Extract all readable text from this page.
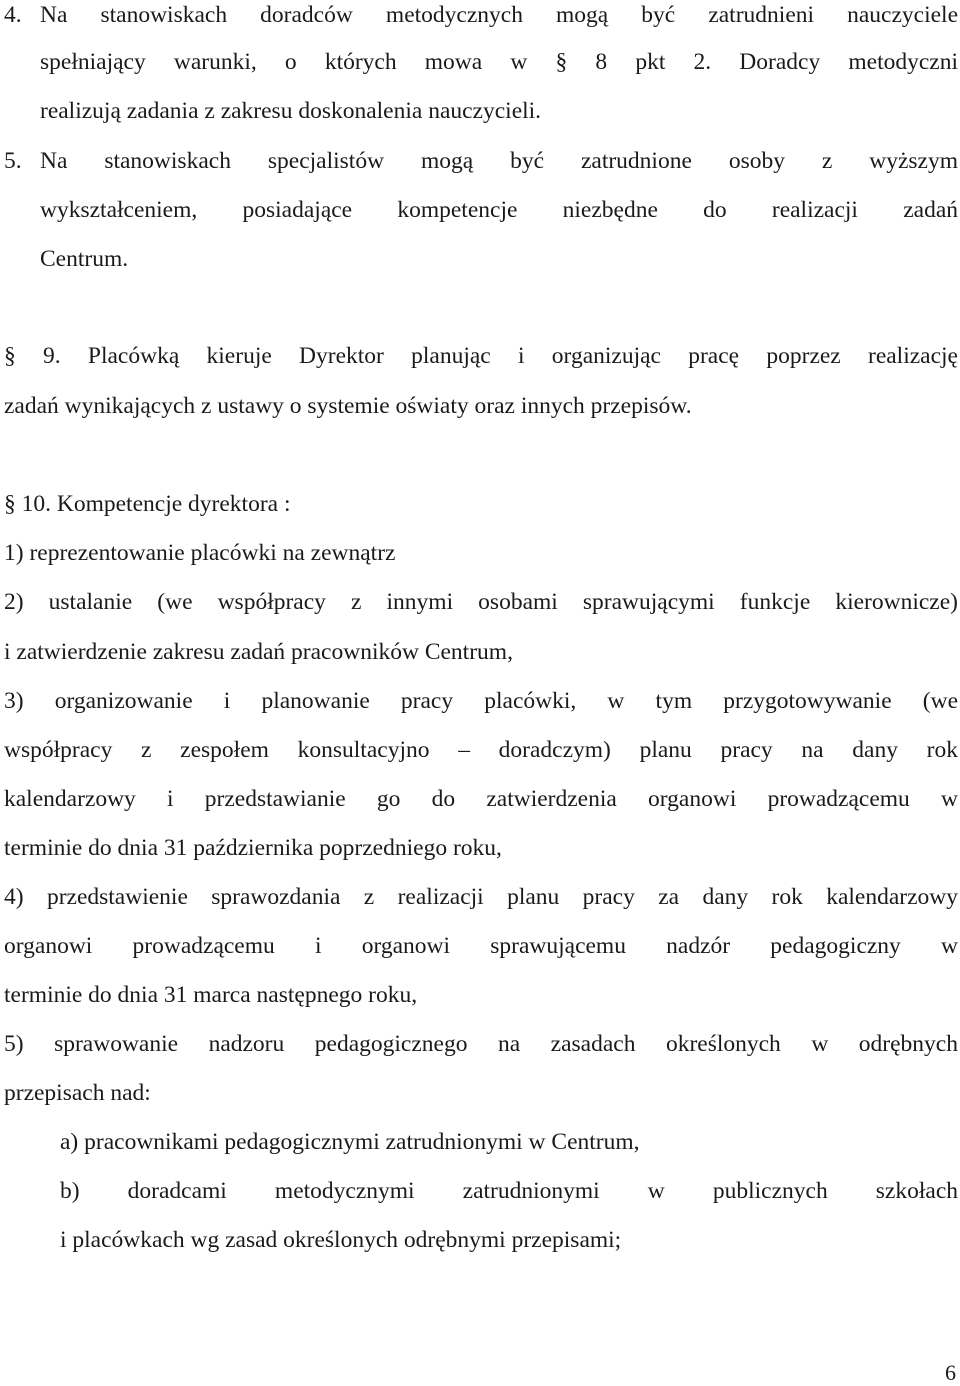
4. Na stanowiskach doradców metodycznych mogą być zatrudnieni nauczyciele
spełniający warunki, o których mowa w § 8 pkt 2. Doradcy metodyczni
realizują zadania z zakresu doskonalenia nauczycieli.
5. Na stanowiskach specjalistów mogą być zatrudnione osoby z wyższym
wykształceniem, posiadające kompetencje niezbędne do realizacji zadań
Centrum.
§ 9. Placówką kieruje Dyrektor planując i organizując pracę poprzez realizację
zadań wynikających z ustawy o systemie oświaty oraz innych przepisów.
§ 10. Kompetencje dyrektora :
1) reprezentowanie placówki na zewnątrz
2) ustalanie (we współpracy z innymi osobami sprawującymi funkcje kierownicze)
i zatwierdzenie zakresu zadań pracowników Centrum,
3) organizowanie i planowanie pracy placówki, w tym przygotowywanie (we
współpracy z zespołem konsultacyjno – doradczym) planu pracy na dany rok
kalendarzowy i przedstawianie go do zatwierdzenia organowi prowadzącemu w
terminie do dnia 31 października poprzedniego roku,
4) przedstawienie sprawozdania z realizacji planu pracy za dany rok kalendarzowy
organowi prowadzącemu i organowi sprawującemu nadzór pedagogiczny w
terminie do dnia 31 marca następnego roku,
5) sprawowanie nadzoru pedagogicznego na zasadach określonych w odrębnych
przepisach nad:
a) pracownikami pedagogicznymi zatrudnionymi w Centrum,
b) doradcami metodycznymi zatrudnionymi w publicznych szkołach
i placówkach wg zasad określonych odrębnymi przepisami;
6
